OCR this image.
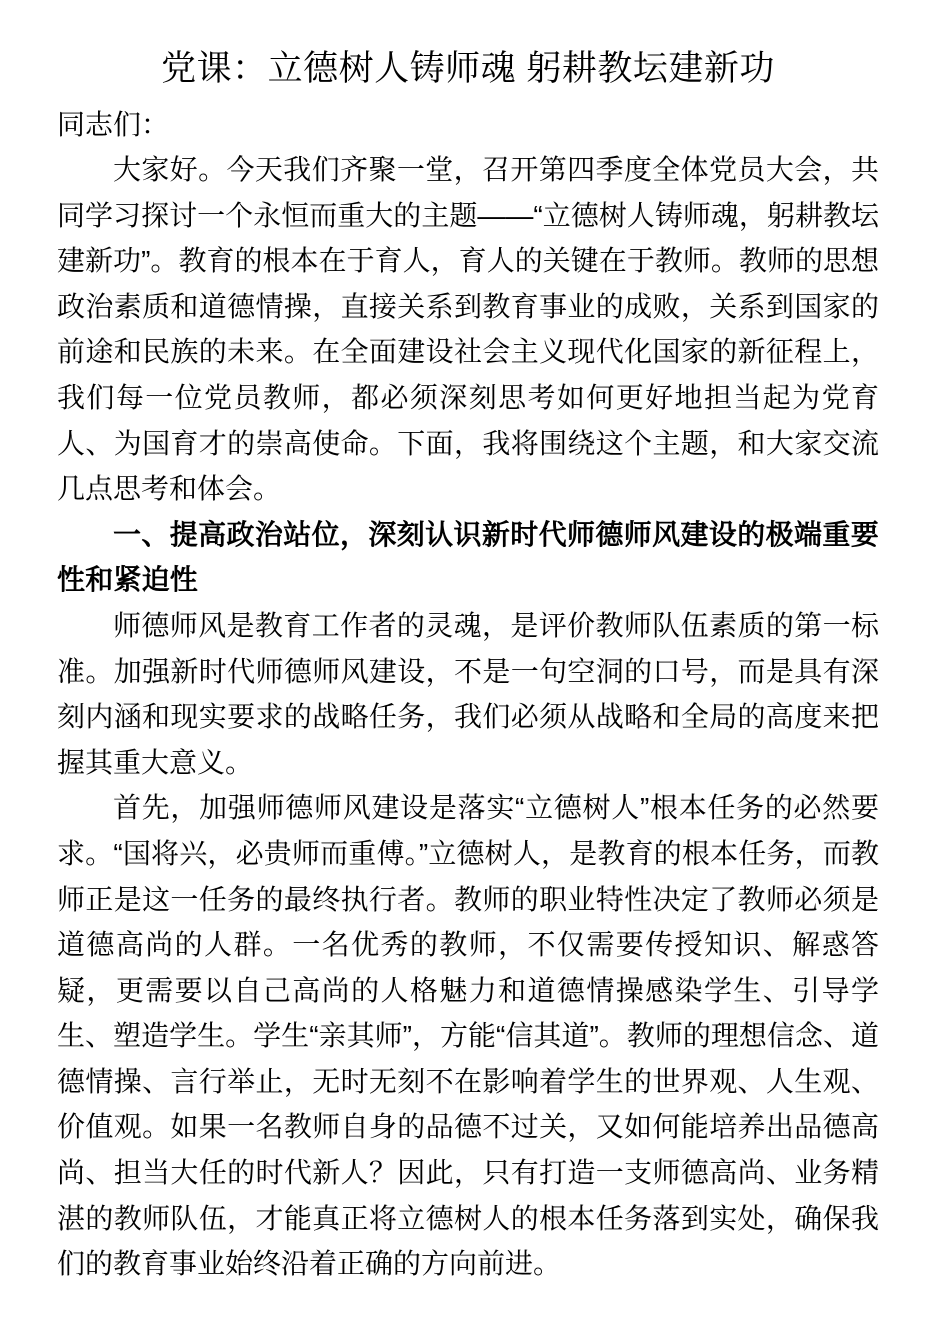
党课：立德树人铸师魂 躬耕教坛建新功

同志们：

大家好。今天我们齐聚一堂，召开第四季度全体党员大会，共同学习探讨一个永恒而重大的主题——“立德树人铸师魂，躬耕教坛建新功”。教育的根本在于育人，育人的关键在于教师。教师的思想政治素质和道德情操，直接关系到教育事业的成败，关系到国家的前途和民族的未来。在全面建设社会主义现代化国家的新征程上，我们每一位党员教师，都必须深刻思考如何更好地担当起为党育人、为国育才的崇高使命。下面，我将围绕这个主题，和大家交流几点思考和体会。

一、提高政治站位，深刻认识新时代师德师风建设的极端重要性和紧迫性

师德师风是教育工作者的灵魂，是评价教师队伍素质的第一标准。加强新时代师德师风建设，不是一句空洞的口号，而是具有深刻内涵和现实要求的战略任务，我们必须从战略和全局的高度来把握其重大意义。

首先，加强师德师风建设是落实“立德树人”根本任务的必然要求。“国将兴，必贵师而重傅。”立德树人，是教育的根本任务，而教师正是这一任务的最终执行者。教师的职业特性决定了教师必须是道德高尚的人群。一名优秀的教师，不仅需要传授知识、解惑答疑，更需要以自己高尚的人格魅力和道德情操感染学生、引导学生、塑造学生。学生“亲其师”，方能“信其道”。教师的理想信念、道德情操、言行举止，无时无刻不在影响着学生的世界观、人生观、价值观。如果一名教师自身的品德不过关，又如何能培养出品德高尚、担当大任的时代新人？因此，只有打造一支师德高尚、业务精湛的教师队伍，才能真正将立德树人的根本任务落到实处，确保我们的教育事业始终沿着正确的方向前进。
